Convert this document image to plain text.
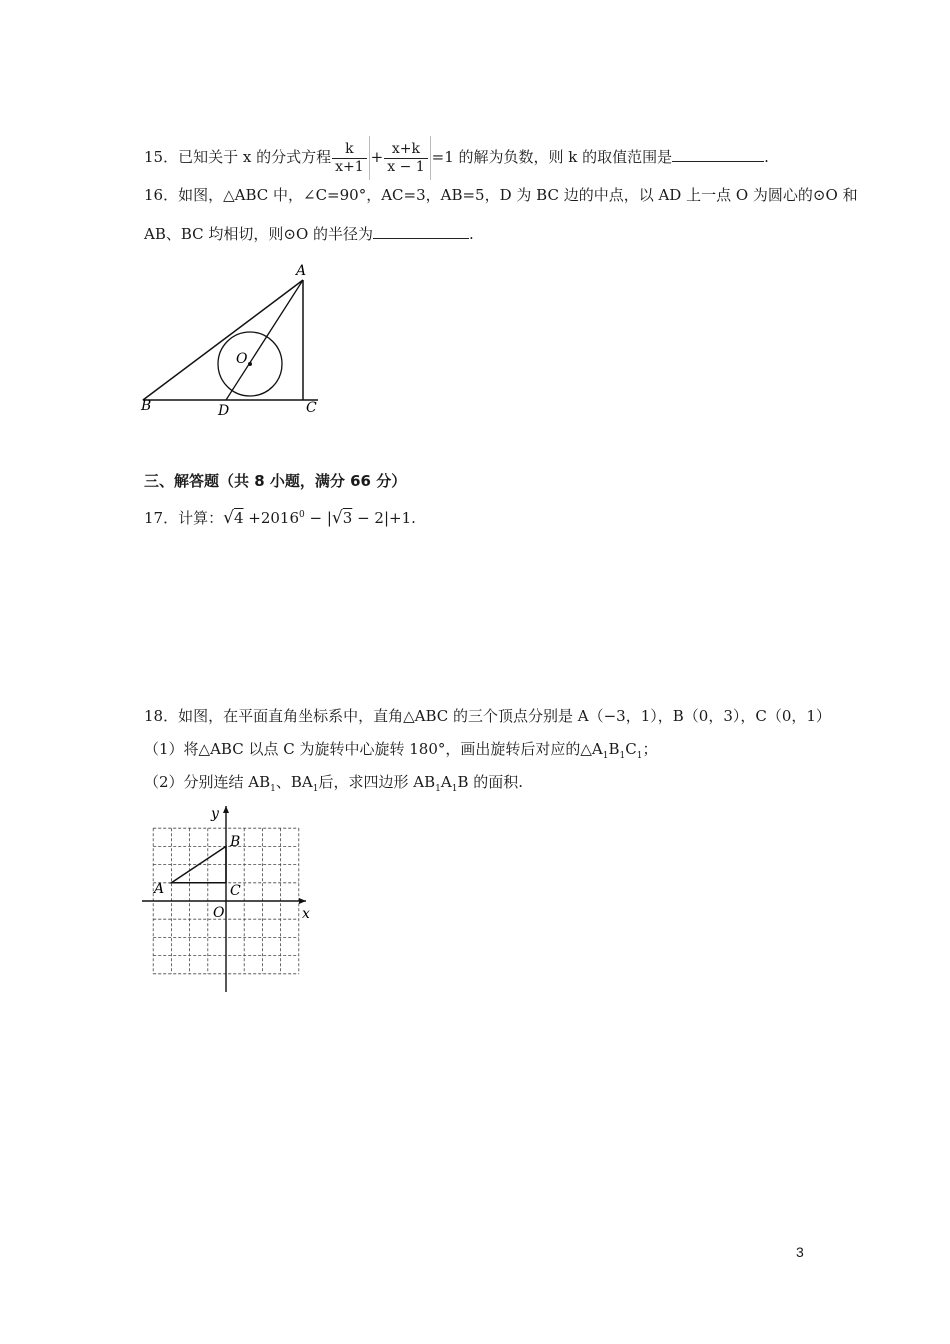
15．已知关于 x 的分式方程 $\frac{k}{x+1} + \frac{x+k}{x - 1} =1$ 的解为负数，则 k 的取值范围是	.
16．如图，△ABC 中，∠C=90°，AC=3，AB=5，D 为 BC 边的中点，以 AD 上一点 O 为圆心的⊙O 和
AB、BC 均相切，则⊙O 的半径为	.
A
B	C
D
O
三、解答题（共 8 小题，满分 66 分）
17．计算：$√4 +2016^0 - |√3 - 2|+1$.
18．如图，在平面直角坐标系中，直角△ABC 的三个顶点分别是 A（−3，1），B（0，3），C（0，1）
（1）将△ABC 以点 C 为旋转中心旋转 180°，画出旋转后对应的$\triangle A_1B_1C_1$；
（2）分别连结 $AB_1$、$BA_1$后，求四边形 $AB_1A_1B$ 的面积.
y
x
O
A
B
C
3
